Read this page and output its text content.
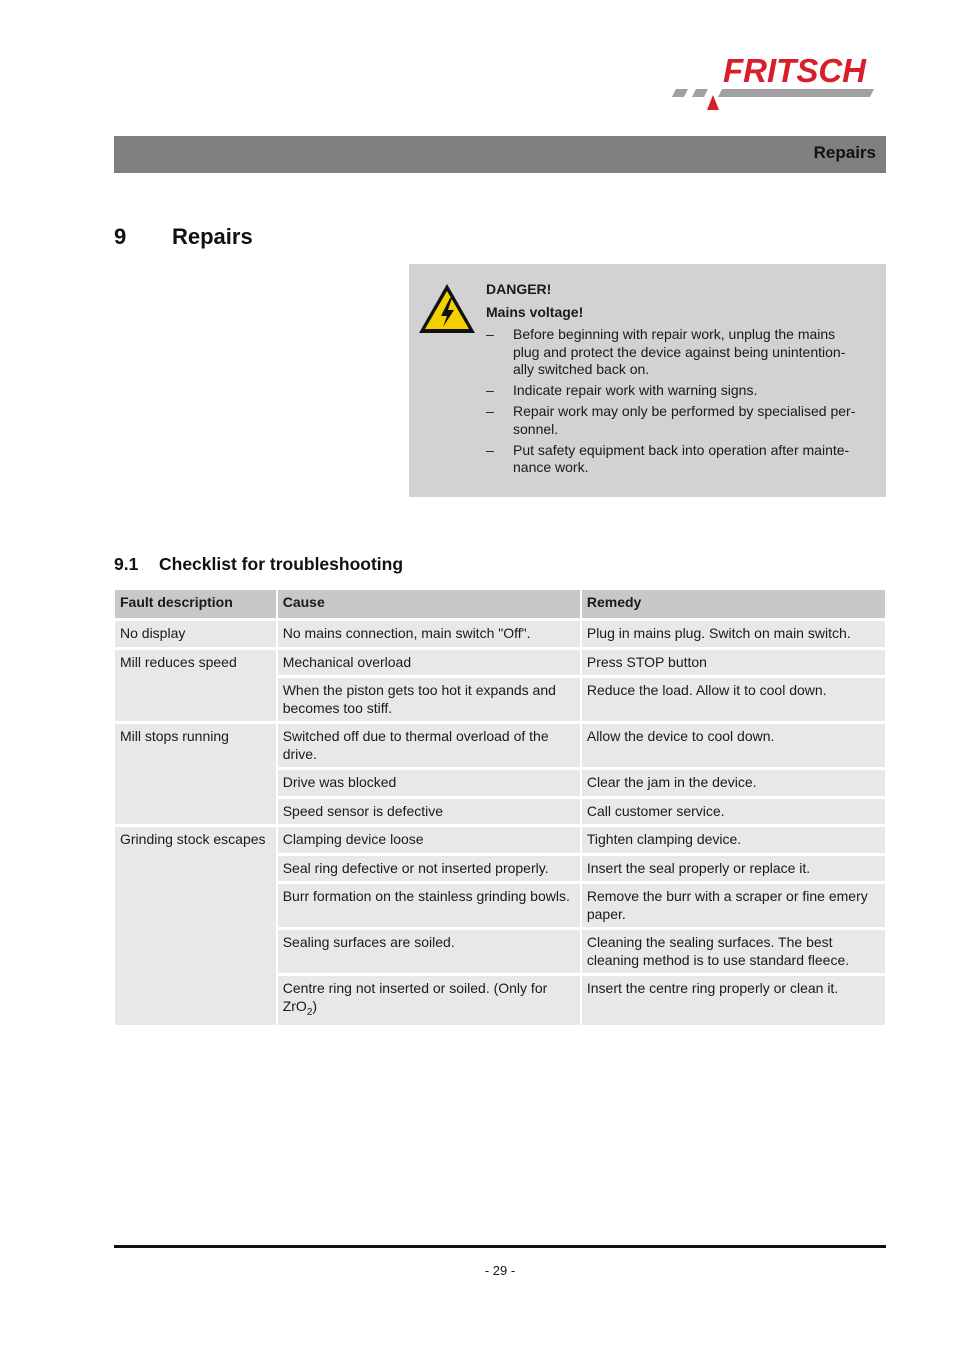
FRITSCH
Repairs
9 Repairs
DANGER!
Mains voltage!
– Before beginning with repair work, unplug the mains
plug and protect the device against being unintention-
ally switched back on.
– Indicate repair work with warning signs.
– Repair work may only be performed by specialised per-
sonnel.
– Put safety equipment back into operation after mainte-
nance work.
9.1 Checklist for troubleshooting
Fault description	Cause	Remedy
No display	No mains connection, main switch "Off".	Plug in mains plug. Switch on main switch.
Mill reduces speed	Mechanical overload	Press STOP button
	When the piston gets too hot it expands and becomes too stiff.	Reduce the load. Allow it to cool down.
Mill stops running	Switched off due to thermal overload of the drive.	Allow the device to cool down.
	Drive was blocked	Clear the jam in the device.
	Speed sensor is defective	Call customer service.
Grinding stock escapes	Clamping device loose	Tighten clamping device.
	Seal ring defective or not inserted properly.	Insert the seal properly or replace it.
	Burr formation on the stainless grinding bowls.	Remove the burr with a scraper or fine emery paper.
	Sealing surfaces are soiled.	Cleaning the sealing surfaces. The best cleaning method is to use standard fleece.
	Centre ring not inserted or soiled. (Only for ZrO$_2$)	Insert the centre ring properly or clean it.
- 29 -
